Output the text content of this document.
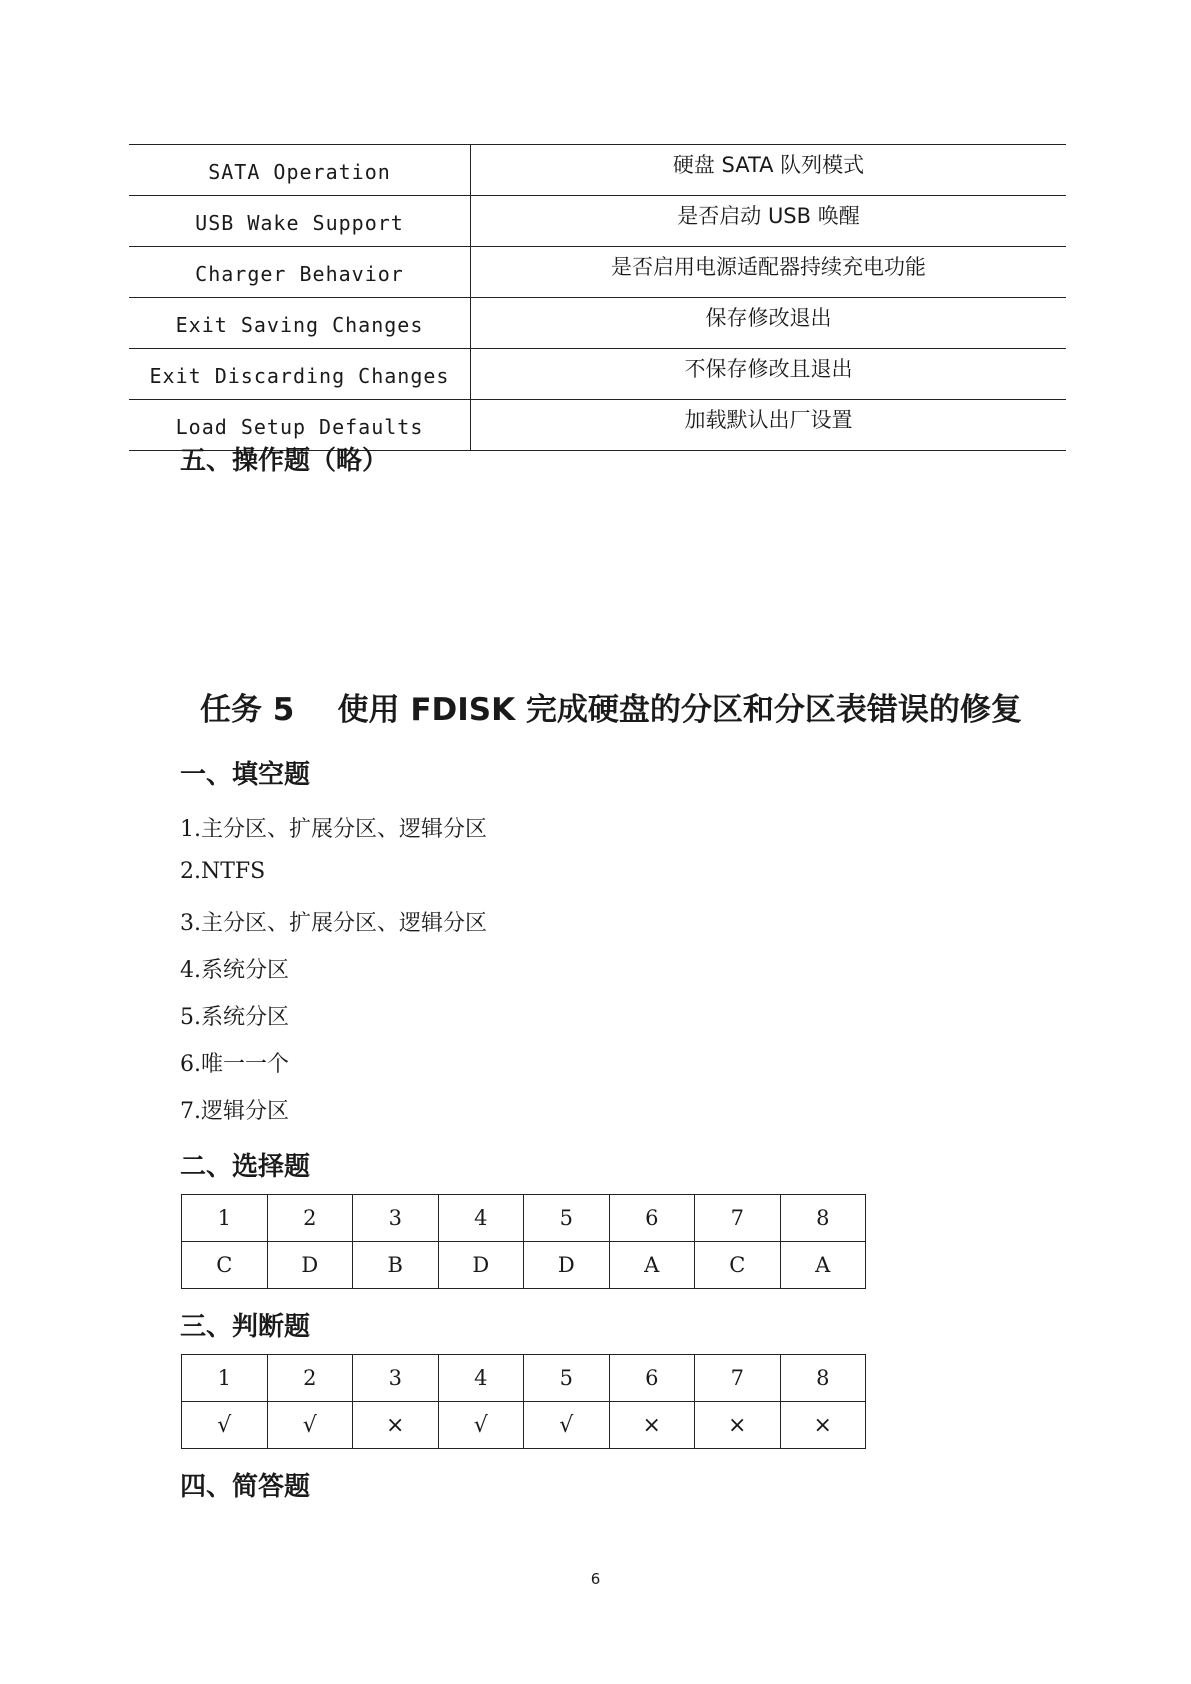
SATA Operation	硬盘 SATA 队列模式
USB Wake Support	是否启动 USB 唤醒
Charger Behavior	是否启用电源适配器持续充电功能
Exit Saving Changes	保存修改退出
Exit Discarding Changes	不保存修改且退出
Load Setup Defaults	加载默认出厂设置
五、操作题（略）
任务 5    使用 FDISK 完成硬盘的分区和分区表错误的修复
一、填空题
1.主分区、扩展分区、逻辑分区
2.NTFS
3.主分区、扩展分区、逻辑分区
4.系统分区
5.系统分区
6.唯一一个
7.逻辑分区
二、选择题
1	2	3	4	5	6	7	8
C	D	B	D	D	A	C	A
三、判断题
1	2	3	4	5	6	7	8
√	√	×	√	√	×	×	×
四、简答题
6
